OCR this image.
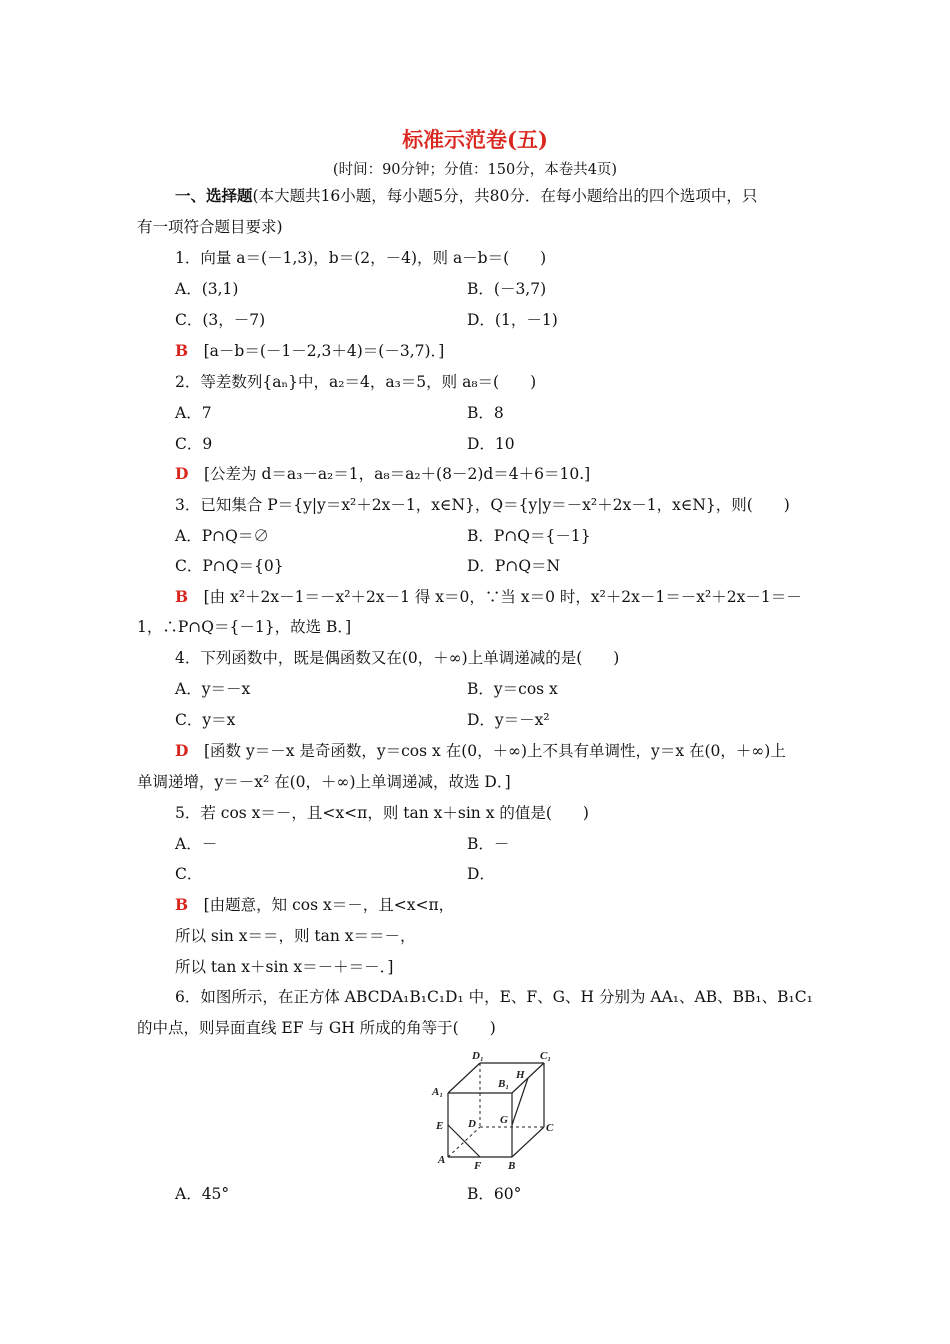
标准示范卷(五)
(时间：90分钟；分值：150分，本卷共4页)
一、选择题(本大题共16小题，每小题5分，共80分．在每小题给出的四个选项中，只
有一项符合题目要求)
1．向量 a＝(－1,3)，b＝(2，－4)，则 a－b＝(　　)
A．(3,1)	B．(－3,7)
C．(3，－7)	D．(1，－1)
B　 [a－b＝(－1－2,3＋4)＝(－3,7)．]
2．等差数列{aₙ}中，a₂＝4，a₃＝5，则 a₈＝(　　)
A．7	B．8
C．9	D．10
D　 [公差为 d＝a₃－a₂＝1，a₈＝a₂＋(8－2)d＝4＋6＝10.]
3．已知集合 P＝{y|y＝x²＋2x－1，x∈N}，Q＝{y|y＝－x²＋2x－1，x∈N}，则(　　)
A．P∩Q＝∅	B．P∩Q＝{－1}
C．P∩Q＝{0}	D．P∩Q＝N
B　 [由 x²＋2x－1＝－x²＋2x－1 得 x＝0，∵当 x＝0 时，x²＋2x－1＝－x²＋2x－1＝－
1，∴P∩Q＝{－1}，故选 B．]
4．下列函数中，既是偶函数又在(0，＋∞)上单调递减的是(　　)
A．y＝－x	B．y＝cos x
C．y＝x	D．y＝－x²
D　 [函数 y＝－x 是奇函数，y＝cos x 在(0，＋∞)上不具有单调性，y＝x 在(0，＋∞)上
单调递增，y＝－x² 在(0，＋∞)上单调递减，故选 D．]
5．若 cos x＝－，且<x<π，则 tan x＋sin x 的值是(　　)
A．－	B．－
C．	D．
B　 [由题意，知 cos x＝－，且<x<π，
所以 sin x＝＝，则 tan x＝＝－，
所以 tan x＋sin x＝－＋＝－．]
6．如图所示，在正方体 ABCDA₁B₁C₁D₁ 中，E、F、G、H 分别为 AA₁、AB、BB₁、B₁C₁
的中点，则异面直线 EF 与 GH 所成的角等于(　　)
D₁	C₁
B₁
H
A₁
E D G
C
A	F B
A．45°	B．60°
